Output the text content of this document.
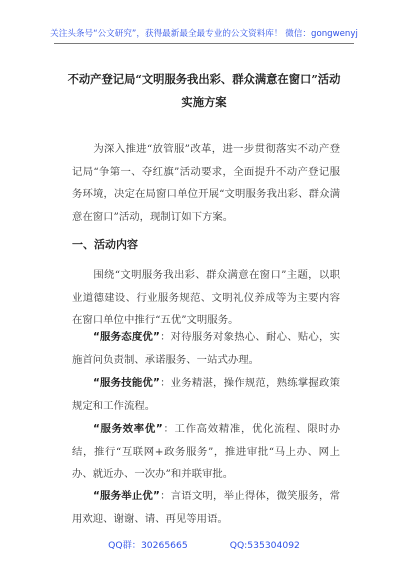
关注头条号“公文研究”，获得最新最全最专业的公文资料库！ 微信：gongwenyj
不动产登记局“文明服务我出彩、群众满意在窗口”活动
实施方案

为深入推进“放管服”改革，进一步贯彻落实不动产登记局“争第一、夺红旗”活动要求，全面提升不动产登记服务环境，决定在局窗口单位开展“文明服务我出彩、群众满意在窗口”活动，现制订如下方案。

一、活动内容

围绕“文明服务我出彩、群众满意在窗口”主题，以职业道德建设、行业服务规范、文明礼仪养成等为主要内容在窗口单位中推行“五优”文明服务。

“服务态度优”：对待服务对象热心、耐心、贴心，实施首问负责制、承诺服务、一站式办理。

“服务技能优”：业务精湛，操作规范，熟练掌握政策规定和工作流程。

“服务效率优”：工作高效精准，优化流程、限时办结，推行“互联网+政务服务”，推进审批“马上办、网上办、就近办、一次办”和并联审批。

“服务举止优”：言语文明，举止得体，微笑服务，常用欢迎、谢谢、请、再见等用语。

QQ群：30265665	QQ:535304092
